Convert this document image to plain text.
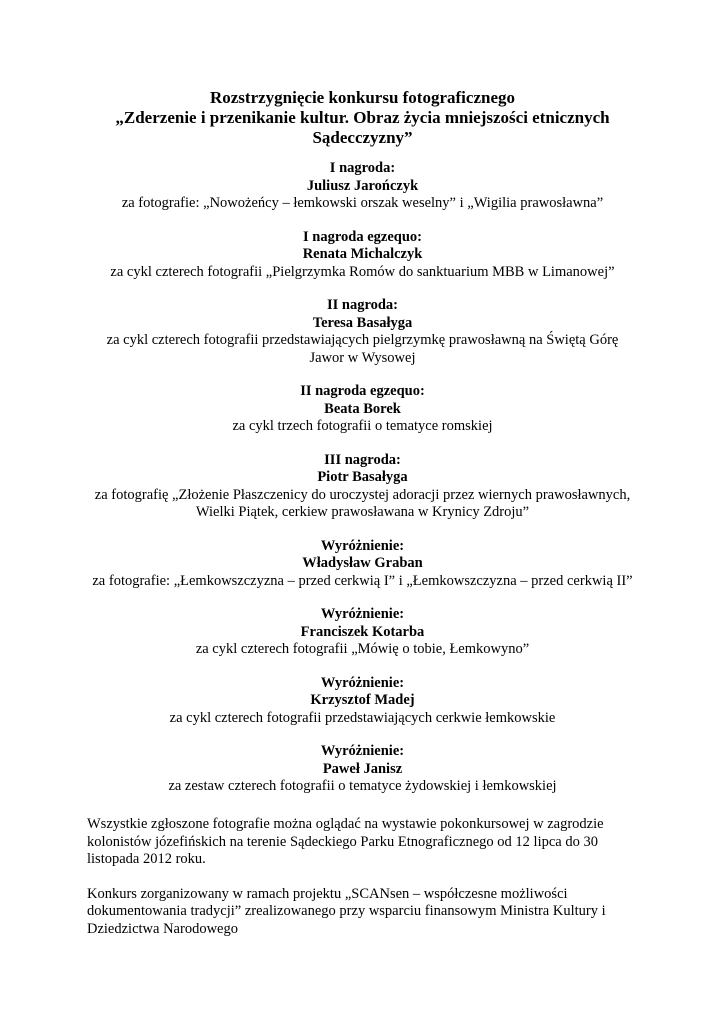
Rozstrzygnięcie konkursu fotograficznego
„Zderzenie i przenikanie kultur. Obraz życia mniejszości etnicznych
Sądecczyzny”
I nagroda:
Juliusz Jarończyk
za fotografie: „Nowożeńcy – łemkowski orszak weselny” i „Wigilia prawosławna”
I nagroda egzequo:
Renata Michalczyk
za cykl czterech fotografii „Pielgrzymka Romów do sanktuarium MBB w Limanowej”
II nagroda:
Teresa Basałyga
za cykl czterech fotografii przedstawiających pielgrzymkę prawosławną na Świętą Górę
Jawor w Wysowej
II nagroda egzequo:
Beata Borek
za cykl trzech fotografii o tematyce romskiej
III nagroda:
Piotr Basałyga
za fotografię „Złożenie Płaszczenicy do uroczystej adoracji przez wiernych prawosławnych,
Wielki Piątek, cerkiew prawosławana w Krynicy Zdroju”
Wyróżnienie:
Władysław Graban
za fotografie: „Łemkowszczyzna – przed cerkwią I” i „Łemkowszczyzna – przed cerkwią II”
Wyróżnienie:
Franciszek Kotarba
za cykl czterech fotografii „Mówię o tobie, Łemkowyno”
Wyróżnienie:
Krzysztof Madej
za cykl czterech fotografii przedstawiających cerkwie łemkowskie
Wyróżnienie:
Paweł Janisz
za zestaw czterech fotografii o tematyce żydowskiej i łemkowskiej
Wszystkie zgłoszone fotografie można oglądać na wystawie pokonkursowej w zagrodzie
kolonistów józefińskich na terenie Sądeckiego Parku Etnograficznego od 12 lipca do 30
listopada 2012 roku.
Konkurs zorganizowany w ramach projektu „SCANsen – współczesne możliwości
dokumentowania tradycji” zrealizowanego przy wsparciu finansowym Ministra Kultury i
Dziedzictwa Narodowego
